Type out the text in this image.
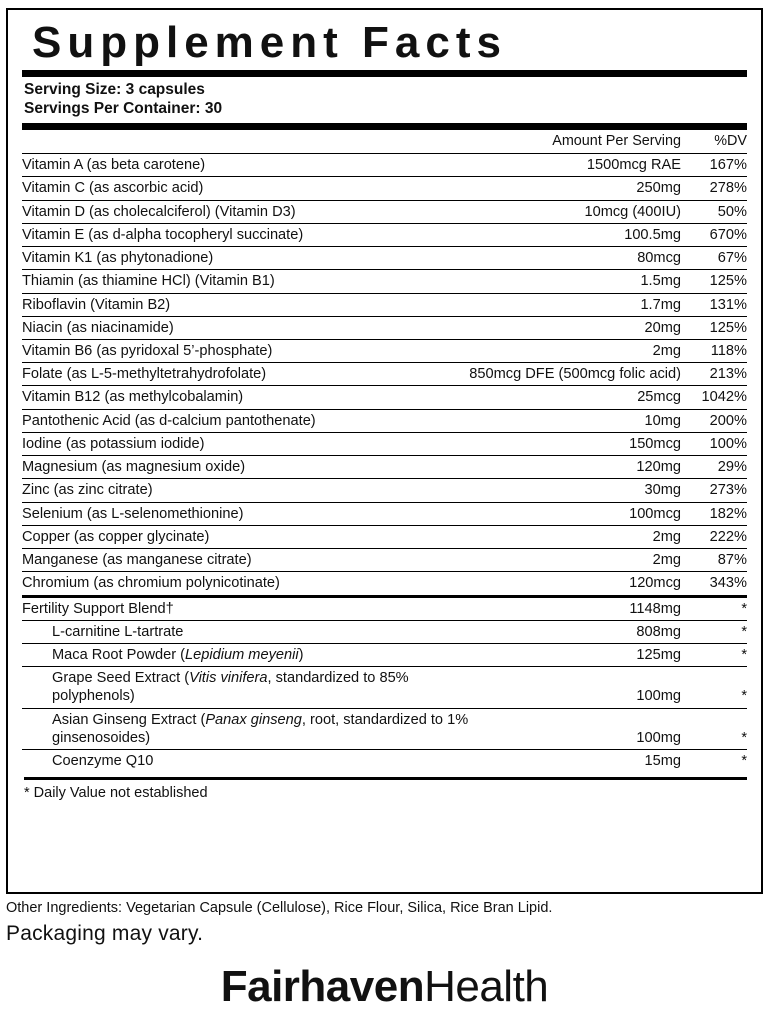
Supplement Facts
Serving Size: 3 capsules
Servings Per Container: 30
	Amount Per Serving	%DV
Vitamin A (as beta carotene)	1500mcg RAE	167%
Vitamin C (as ascorbic acid)	250mg	278%
Vitamin D (as cholecalciferol) (Vitamin D3)	10mcg (400IU)	50%
Vitamin E (as d-alpha tocopheryl succinate)	100.5mg	670%
Vitamin K1 (as phytonadione)	80mcg	67%
Thiamin (as thiamine HCl) (Vitamin B1)	1.5mg	125%
Riboflavin (Vitamin B2)	1.7mg	131%
Niacin (as niacinamide)	20mg	125%
Vitamin B6 (as pyridoxal 5’-phosphate)	2mg	118%
Folate (as L-5-methyltetrahydrofolate)	850mcg DFE (500mcg folic acid)	213%
Vitamin B12 (as methylcobalamin)	25mcg	1042%
Pantothenic Acid (as d-calcium pantothenate)	10mg	200%
Iodine (as potassium iodide)	150mcg	100%
Magnesium (as magnesium oxide)	120mg	29%
Zinc (as zinc citrate)	30mg	273%
Selenium (as L-selenomethionine)	100mcg	182%
Copper (as copper glycinate)	2mg	222%
Manganese (as manganese citrate)	2mg	87%
Chromium (as chromium polynicotinate)	120mcg	343%
Fertility Support Blend†	1148mg	*
L-carnitine L-tartrate	808mg	*
Maca Root Powder (Lepidium meyenii)	125mg	*
Grape Seed Extract (Vitis vinifera, standardized to 85% polyphenols)	100mg	*
Asian Ginseng Extract (Panax ginseng, root, standardized to 1% ginsenosoides)	100mg	*
Coenzyme Q10	15mg	*
* Daily Value not established
Other Ingredients: Vegetarian Capsule (Cellulose), Rice Flour, Silica, Rice Bran Lipid.
Packaging may vary.
FairhavenHealth
